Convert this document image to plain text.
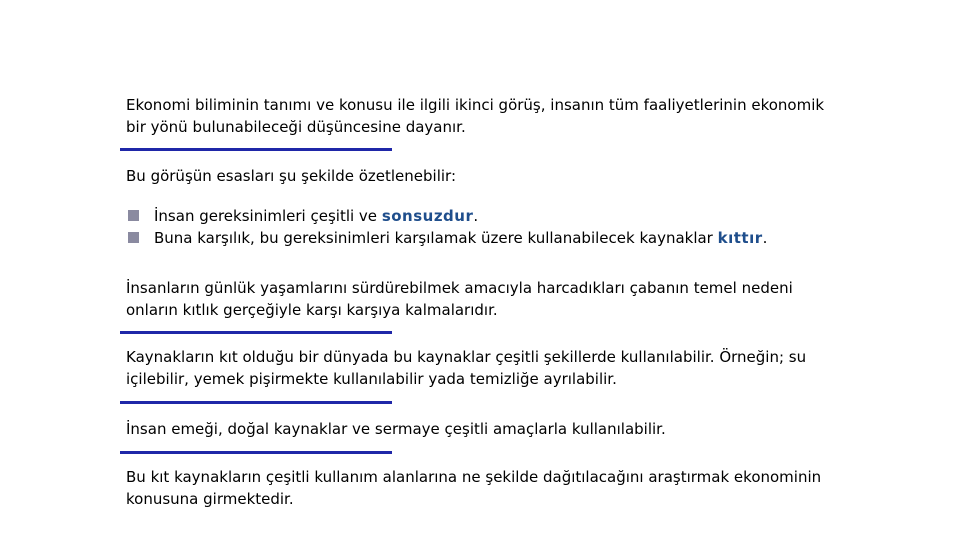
Ekonomi biliminin tanımı ve konusu ile ilgili ikinci görüş, insanın tüm faaliyetlerinin ekonomik bir yönü bulunabileceği düşüncesine dayanır.

Bu görüşün esasları şu şekilde özetlenebilir:

İnsan gereksinimleri çeşitli ve sonsuzdur.
Buna karşılık, bu gereksinimleri karşılamak üzere kullanabilecek kaynaklar kıttır.

İnsanların günlük yaşamlarını sürdürebilmek amacıyla harcadıkları çabanın temel nedeni onların kıtlık gerçeğiyle karşı karşıya kalmalarıdır.

Kaynakların kıt olduğu bir dünyada bu kaynaklar çeşitli şekillerde kullanılabilir. Örneğin; su içilebilir, yemek pişirmekte kullanılabilir yada temizliğe ayrılabilir.

İnsan emeği, doğal kaynaklar ve sermaye çeşitli amaçlarla kullanılabilir.

Bu kıt kaynakların çeşitli kullanım alanlarına ne şekilde dağıtılacağını araştırmak ekonominin konusuna girmektedir.
